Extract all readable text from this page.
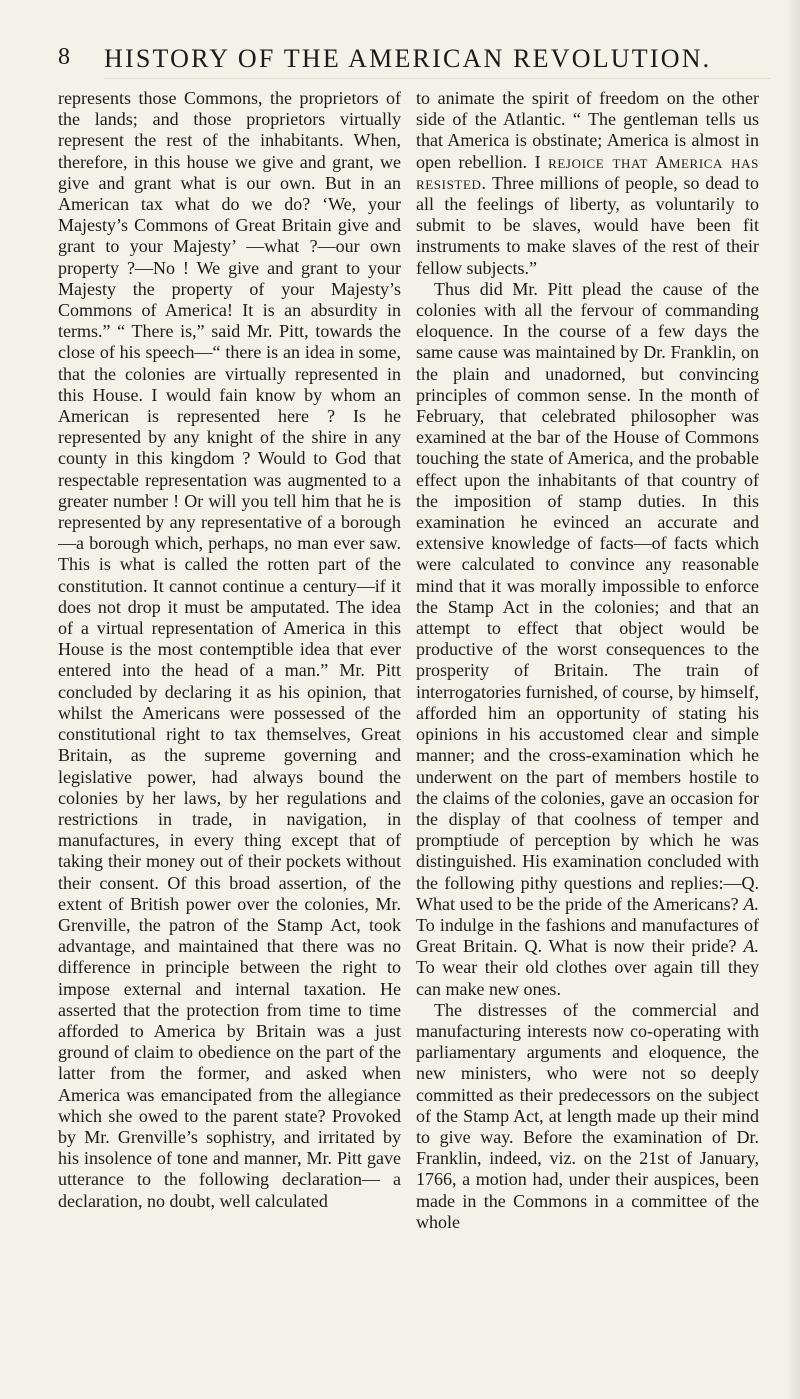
8 HISTORY OF THE AMERICAN REVOLUTION.

represents those Commons, the proprietors of the lands; and those proprietors virtually represent the rest of the inhabitants. When, therefore, in this house we give and grant, we give and grant what is our own. But in an American tax what do we do? ‘We, your Majesty’s Commons of Great Britain give and grant to your Majesty’ —what ?—our own property ?—No ! We give and grant to your Majesty the property of your Majesty’s Commons of America! It is an absurdity in terms.” “ There is,” said Mr. Pitt, towards the close of his speech—“ there is an idea in some, that the colonies are virtually represented in this House. I would fain know by whom an American is represented here ? Is he represented by any knight of the shire in any county in this kingdom ? Would to God that respectable representation was augmented to a greater number ! Or will you tell him that he is represented by any representative of a borough—a borough which, perhaps, no man ever saw. This is what is called the rotten part of the constitution. It cannot continue a century—if it does not drop it must be amputated. The idea of a virtual representation of America in this House is the most contemptible idea that ever entered into the head of a man.” Mr. Pitt concluded by declaring it as his opinion, that whilst the Americans were possessed of the constitutional right to tax themselves, Great Britain, as the supreme governing and legislative power, had always bound the colonies by her laws, by her regulations and restrictions in trade, in navigation, in manufactures, in every thing except that of taking their money out of their pockets without their consent. Of this broad assertion, of the extent of British power over the colonies, Mr. Grenville, the patron of the Stamp Act, took advantage, and maintained that there was no difference in principle between the right to impose external and internal taxation. He asserted that the protection from time to time afforded to America by Britain was a just ground of claim to obedience on the part of the latter from the former, and asked when America was emancipated from the allegiance which she owed to the parent state? Provoked by Mr. Grenville’s sophistry, and irritated by his insolence of tone and manner, Mr. Pitt gave utterance to the following declaration— a declaration, no doubt, well calculated

to animate the spirit of freedom on the other side of the Atlantic. “ The gentleman tells us that America is obstinate; America is almost in open rebellion. I rejoice that America has resisted. Three millions of people, so dead to all the feelings of liberty, as voluntarily to submit to be slaves, would have been fit instruments to make slaves of the rest of their fellow subjects.”

Thus did Mr. Pitt plead the cause of the colonies with all the fervour of commanding eloquence. In the course of a few days the same cause was maintained by Dr. Franklin, on the plain and unadorned, but convincing principles of common sense. In the month of February, that celebrated philosopher was examined at the bar of the House of Commons touching the state of America, and the probable effect upon the inhabitants of that country of the imposition of stamp duties. In this examination he evinced an accurate and extensive knowledge of facts—of facts which were calculated to convince any reasonable mind that it was morally impossible to enforce the Stamp Act in the colonies; and that an attempt to effect that object would be productive of the worst consequences to the prosperity of Britain. The train of interrogatories furnished, of course, by himself, afforded him an opportunity of stating his opinions in his accustomed clear and simple manner; and the cross-examination which he underwent on the part of members hostile to the claims of the colonies, gave an occasion for the display of that coolness of temper and promptiude of perception by which he was distinguished. His examination concluded with the following pithy questions and replies:—Q. What used to be the pride of the Americans? A. To indulge in the fashions and manufactures of Great Britain. Q. What is now their pride? A. To wear their old clothes over again till they can make new ones.

The distresses of the commercial and manufacturing interests now co-operating with parliamentary arguments and eloquence, the new ministers, who were not so deeply committed as their predecessors on the subject of the Stamp Act, at length made up their mind to give way. Before the examination of Dr. Franklin, indeed, viz. on the 21st of January, 1766, a motion had, under their auspices, been made in the Commons in a committee of the whole
